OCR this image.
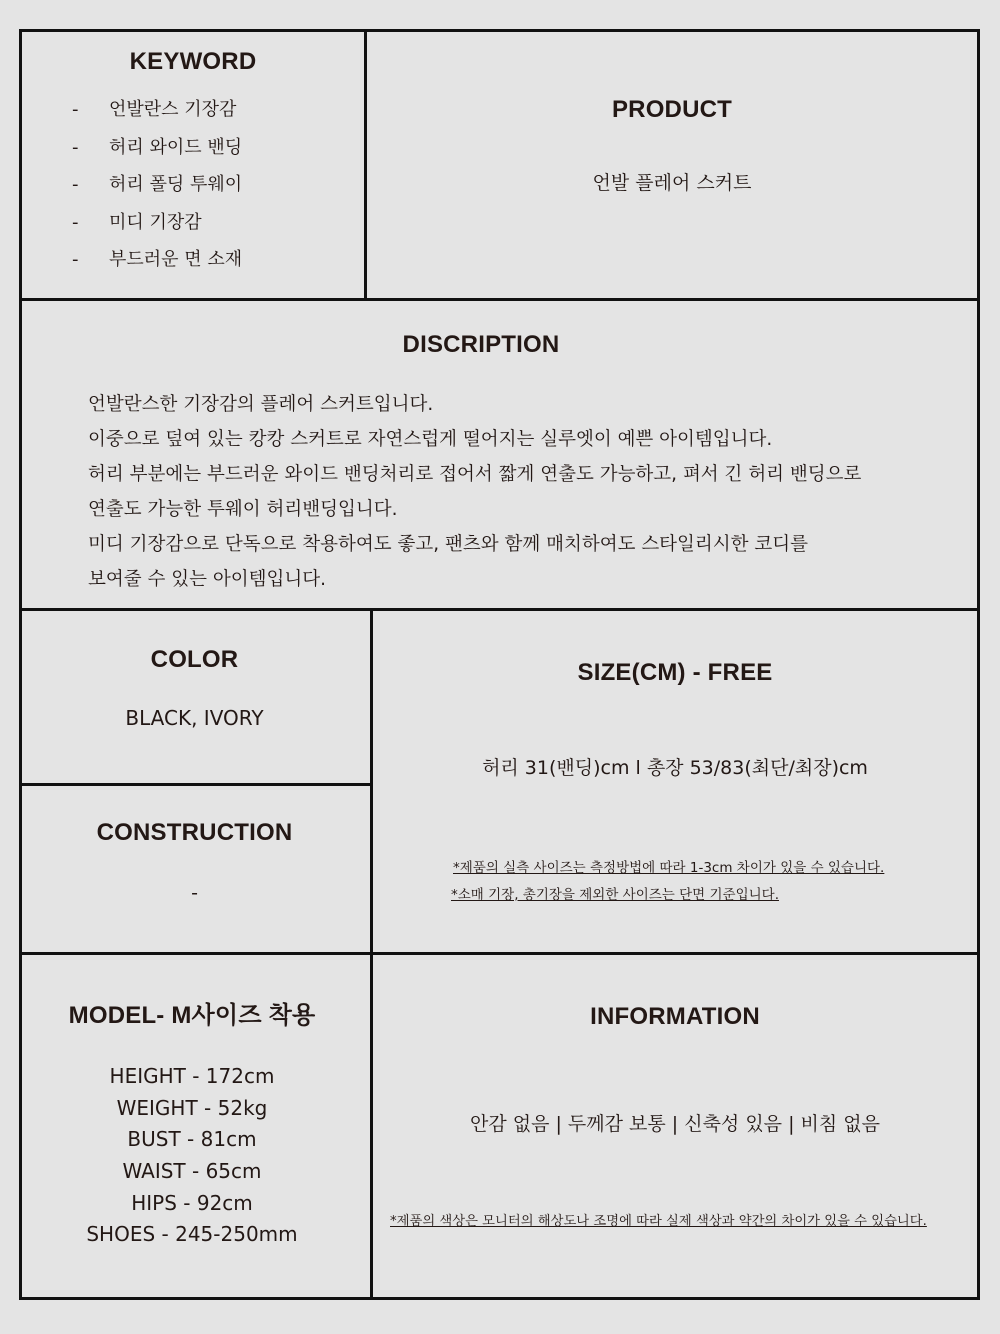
KEYWORD
- 언발란스 기장감
- 허리 와이드 밴딩
- 허리 폴딩 투웨이
- 미디 기장감
- 부드러운 면 소재
PRODUCT
언발 플레어 스커트
DISCRIPTION
언발란스한 기장감의 플레어 스커트입니다.
이중으로 덮여 있는 캉캉 스커트로 자연스럽게 떨어지는 실루엣이 예쁜 아이템입니다.
허리 부분에는 부드러운 와이드 밴딩처리로 접어서 짧게 연출도 가능하고, 펴서 긴 허리 밴딩으로
연출도 가능한 투웨이 허리밴딩입니다.
미디 기장감으로 단독으로 착용하여도 좋고, 팬츠와 함께 매치하여도 스타일리시한 코디를
보여줄 수 있는 아이템입니다.
COLOR
BLACK, IVORY
CONSTRUCTION
-
SIZE(CM) - FREE
허리 31(밴딩)cm l 총장 53/83(최단/최장)cm
*제품의 실측 사이즈는 측정방법에 따라 1-3cm 차이가 있을 수 있습니다.
*소매 기장, 총기장을 제외한 사이즈는 단면 기준입니다.
MODEL- M사이즈 착용
HEIGHT - 172cm
WEIGHT - 52kg
BUST - 81cm
WAIST - 65cm
HIPS - 92cm
SHOES - 245-250mm
INFORMATION
안감 없음 | 두께감 보통 | 신축성 있음 | 비침 없음
*제품의 색상은 모니터의 해상도나 조명에 따라 실제 색상과 약간의 차이가 있을 수 있습니다.
